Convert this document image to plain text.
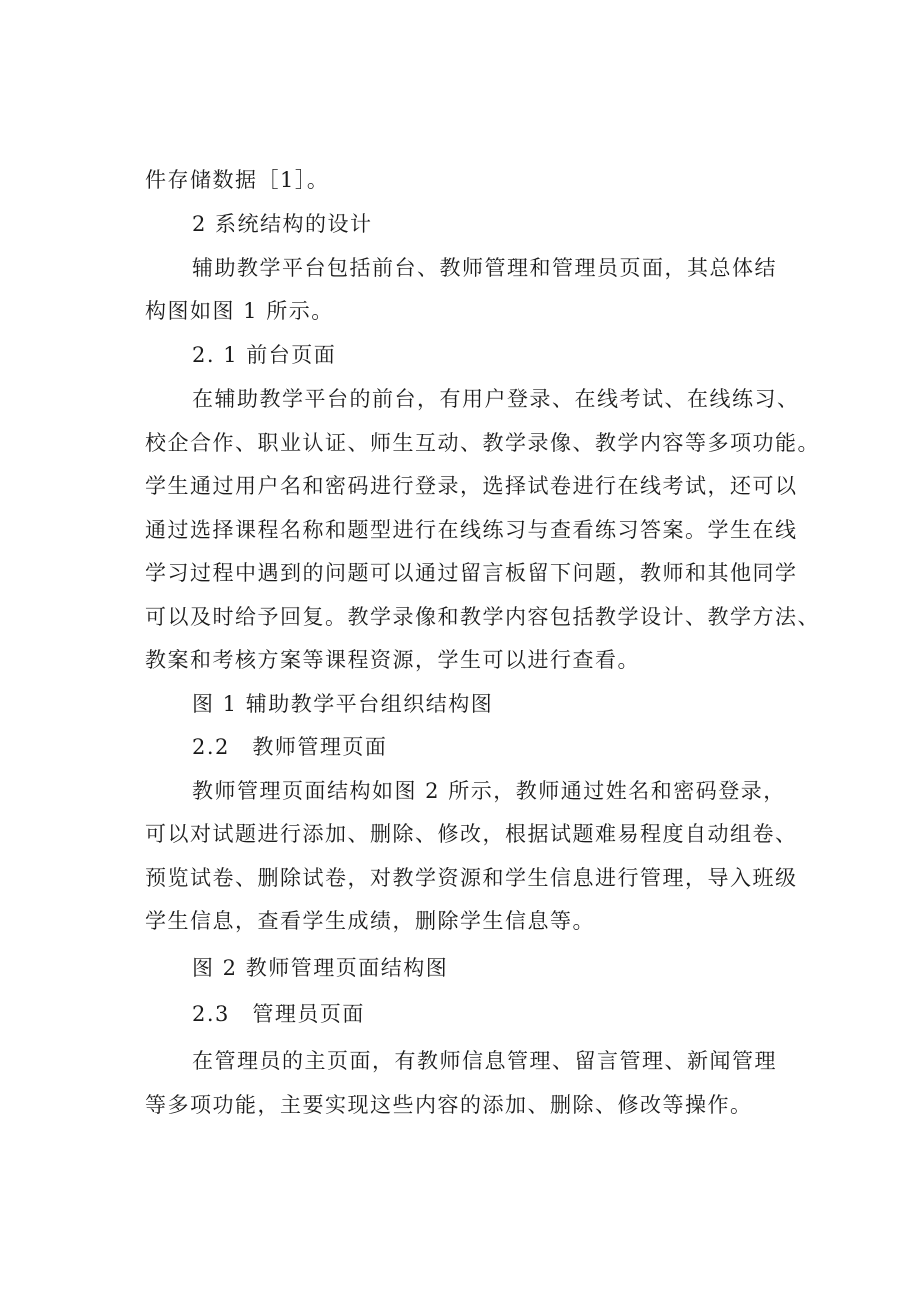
件存储数据［1］。
2 系统结构的设计
辅助教学平台包括前台、教师管理和管理员页面，其总体结
构图如图 1 所示。
2. 1 前台页面
在辅助教学平台的前台，有用户登录、在线考试、在线练习、
校企合作、职业认证、师生互动、教学录像、教学内容等多项功能。
学生通过用户名和密码进行登录，选择试卷进行在线考试，还可以
通过选择课程名称和题型进行在线练习与查看练习答案。学生在线
学习过程中遇到的问题可以通过留言板留下问题，教师和其他同学
可以及时给予回复。教学录像和教学内容包括教学设计、教学方法、
教案和考核方案等课程资源，学生可以进行查看。
图 1 辅助教学平台组织结构图
2.2　教师管理页面
教师管理页面结构如图 2 所示，教师通过姓名和密码登录，
可以对试题进行添加、删除、修改，根据试题难易程度自动组卷、
预览试卷、删除试卷，对教学资源和学生信息进行管理，导入班级
学生信息，查看学生成绩，删除学生信息等。
图 2 教师管理页面结构图
2.3　管理员页面
在管理员的主页面，有教师信息管理、留言管理、新闻管理
等多项功能，主要实现这些内容的添加、删除、修改等操作。
